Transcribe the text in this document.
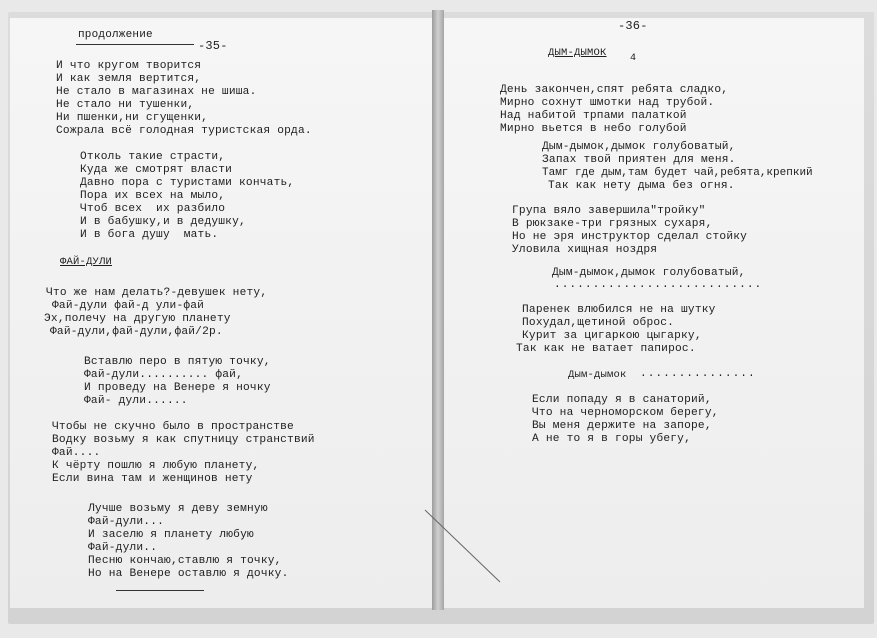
продолжение
-35-
И что кругом творится
И как земля вертится,
Не стало в магазинах не шиша.
Не стало ни тушенки,
Ни пшенки,ни сгущенки,
Сожрала всё голодная туристская орда.
Отколь такие страсти,
Куда же смотрят власти
Давно пора с туристами кончать,
Пора их всех на мыло,
Чтоб всех  их разбило
И в бабушку,и в дедушку,
И в бога душу  мать.
ФАЙ-ДУЛИ
Что же нам делать?-девушек нету,
Фай-дули фай-д ули-фай
Эх,полечу на другую планету
Фай-дули,фай-дули,фай/2р.
Вставлю перо в пятую точку,
Фай-дули.......... фай,
И проведу на Венере я ночку
Фай- дули......
Чтобы не скучно было в пространстве
Водку возьму я как спутницу странствий
Фай....
К чёрту пошлю я любую планету,
Если вина там и женщинов нету
Лучше возьму я деву земную
Фай-дули...
И заселю я планету любую
Фай-дули..
Песню кончаю,ставлю я точку,
Но на Венере оставлю я дочку.
-36-
ДЫМ-ДЫМОК 4
День закончен,спят ребята сладко,
Мирно сохнут шмотки над трубой.
Над набитой трпами палаткой
Мирно вьется в небо голубой
Дым-дымок,дымок голубоватый,
Запах твой приятен для меня.
Тамг где дым,там будет чай,ребята,крепкий
Так как нету дыма без огня.
Група вяло завершила"тройку"
В рюкзаке-три грязных сухаря,
Но не эря инструктор сделал стойку
Уловила хищная ноздря
Дым-дымок,дымок голубоватый,
...........................
Паренек влюбился не на шутку
Похудал,щетиной оброс.
Курит за цигаркою цыгарку,
Так как не ватает папирос.
Дым-дымок ...............
Если попаду я в санаторий,
Что на черноморском берегу,
Вы меня держите на запоре,
А не то я в горы убегу,
